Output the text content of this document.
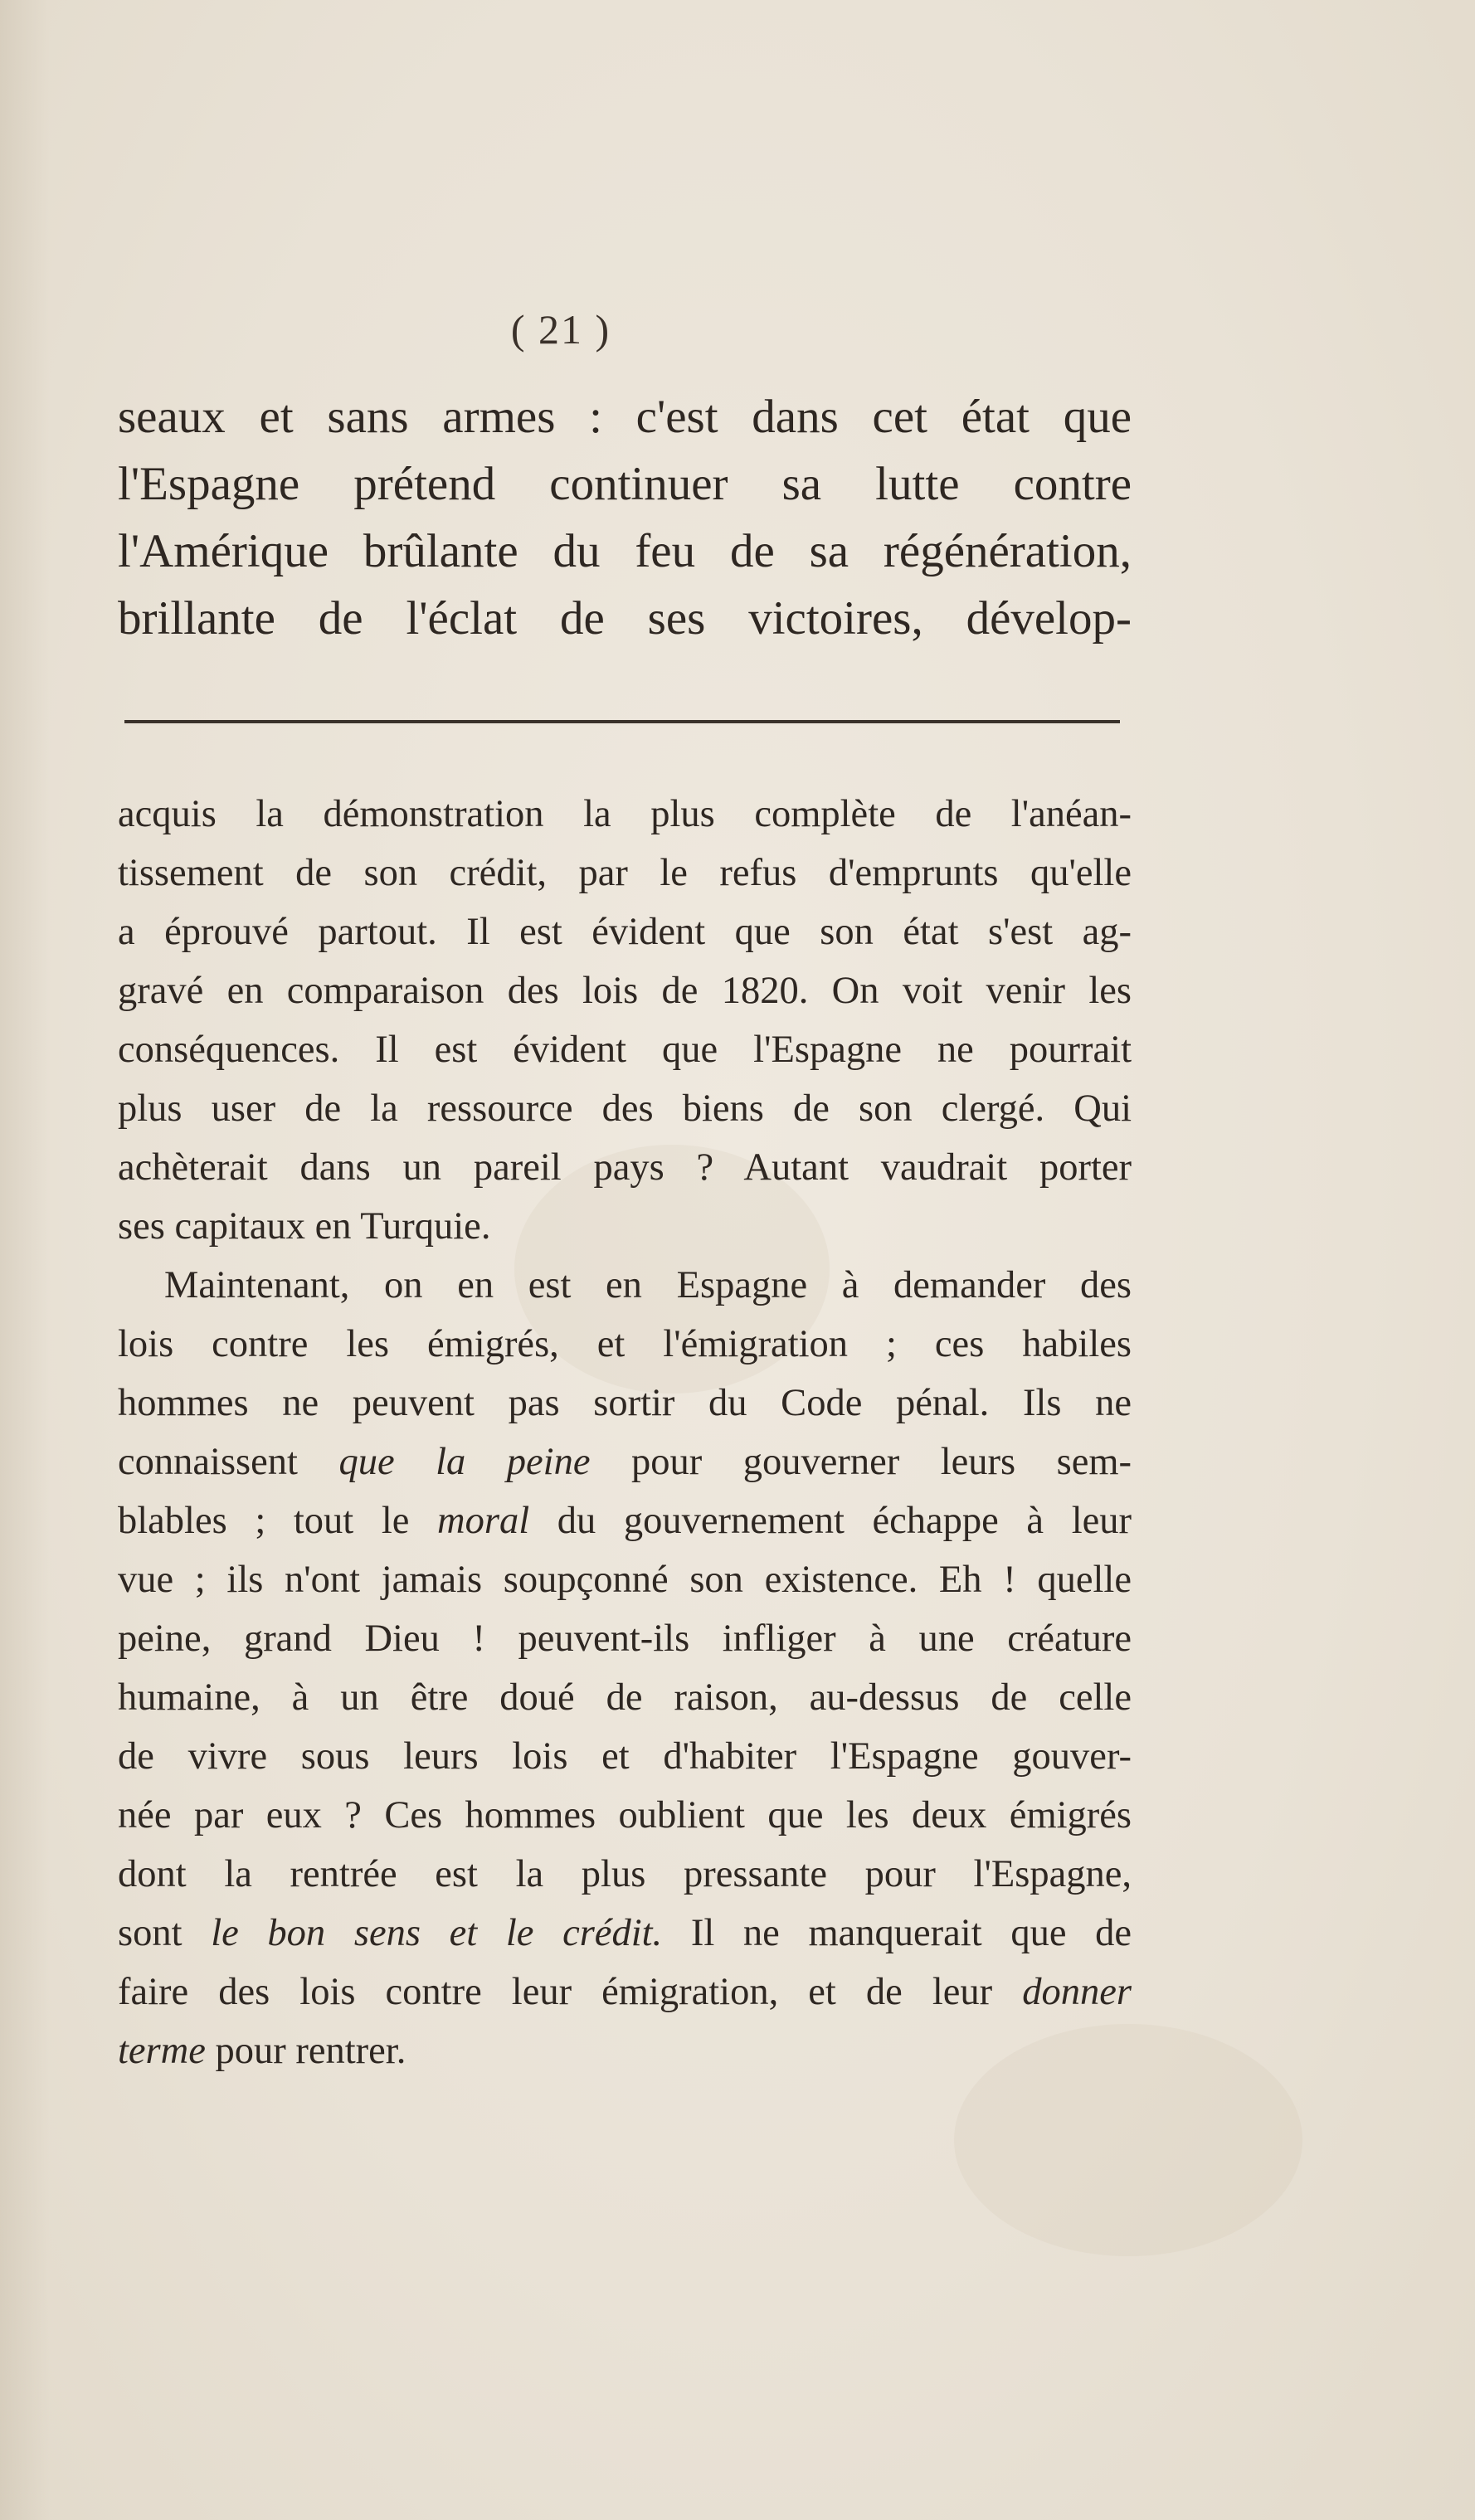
( 21 )
seaux et sans armes : c'est dans cet état que
l'Espagne prétend continuer sa lutte contre
l'Amérique brûlante du feu de sa régénération,
brillante de l'éclat de ses victoires, dévelop-
acquis la démonstration la plus complète de l'anéan-
tissement de son crédit, par le refus d'emprunts qu'elle
a éprouvé partout. Il est évident que son état s'est ag-
gravé en comparaison des lois de 1820. On voit venir les
conséquences. Il est évident que l'Espagne ne pourrait
plus user de la ressource des biens de son clergé. Qui
achèterait dans un pareil pays ? Autant vaudrait porter
ses capitaux en Turquie.
Maintenant, on en est en Espagne à demander des
lois contre les émigrés, et l'émigration ; ces habiles
hommes ne peuvent pas sortir du Code pénal. Ils ne
connaissent que la peine pour gouverner leurs sem-
blables ; tout le moral du gouvernement échappe à leur
vue ; ils n'ont jamais soupçonné son existence. Eh ! quelle
peine, grand Dieu ! peuvent-ils infliger à une créature
humaine, à un être doué de raison, au-dessus de celle
de vivre sous leurs lois et d'habiter l'Espagne gouver-
née par eux ? Ces hommes oublient que les deux émigrés
dont la rentrée est la plus pressante pour l'Espagne,
sont le bon sens et le crédit. Il ne manquerait que de
faire des lois contre leur émigration, et de leur donner
terme pour rentrer.
